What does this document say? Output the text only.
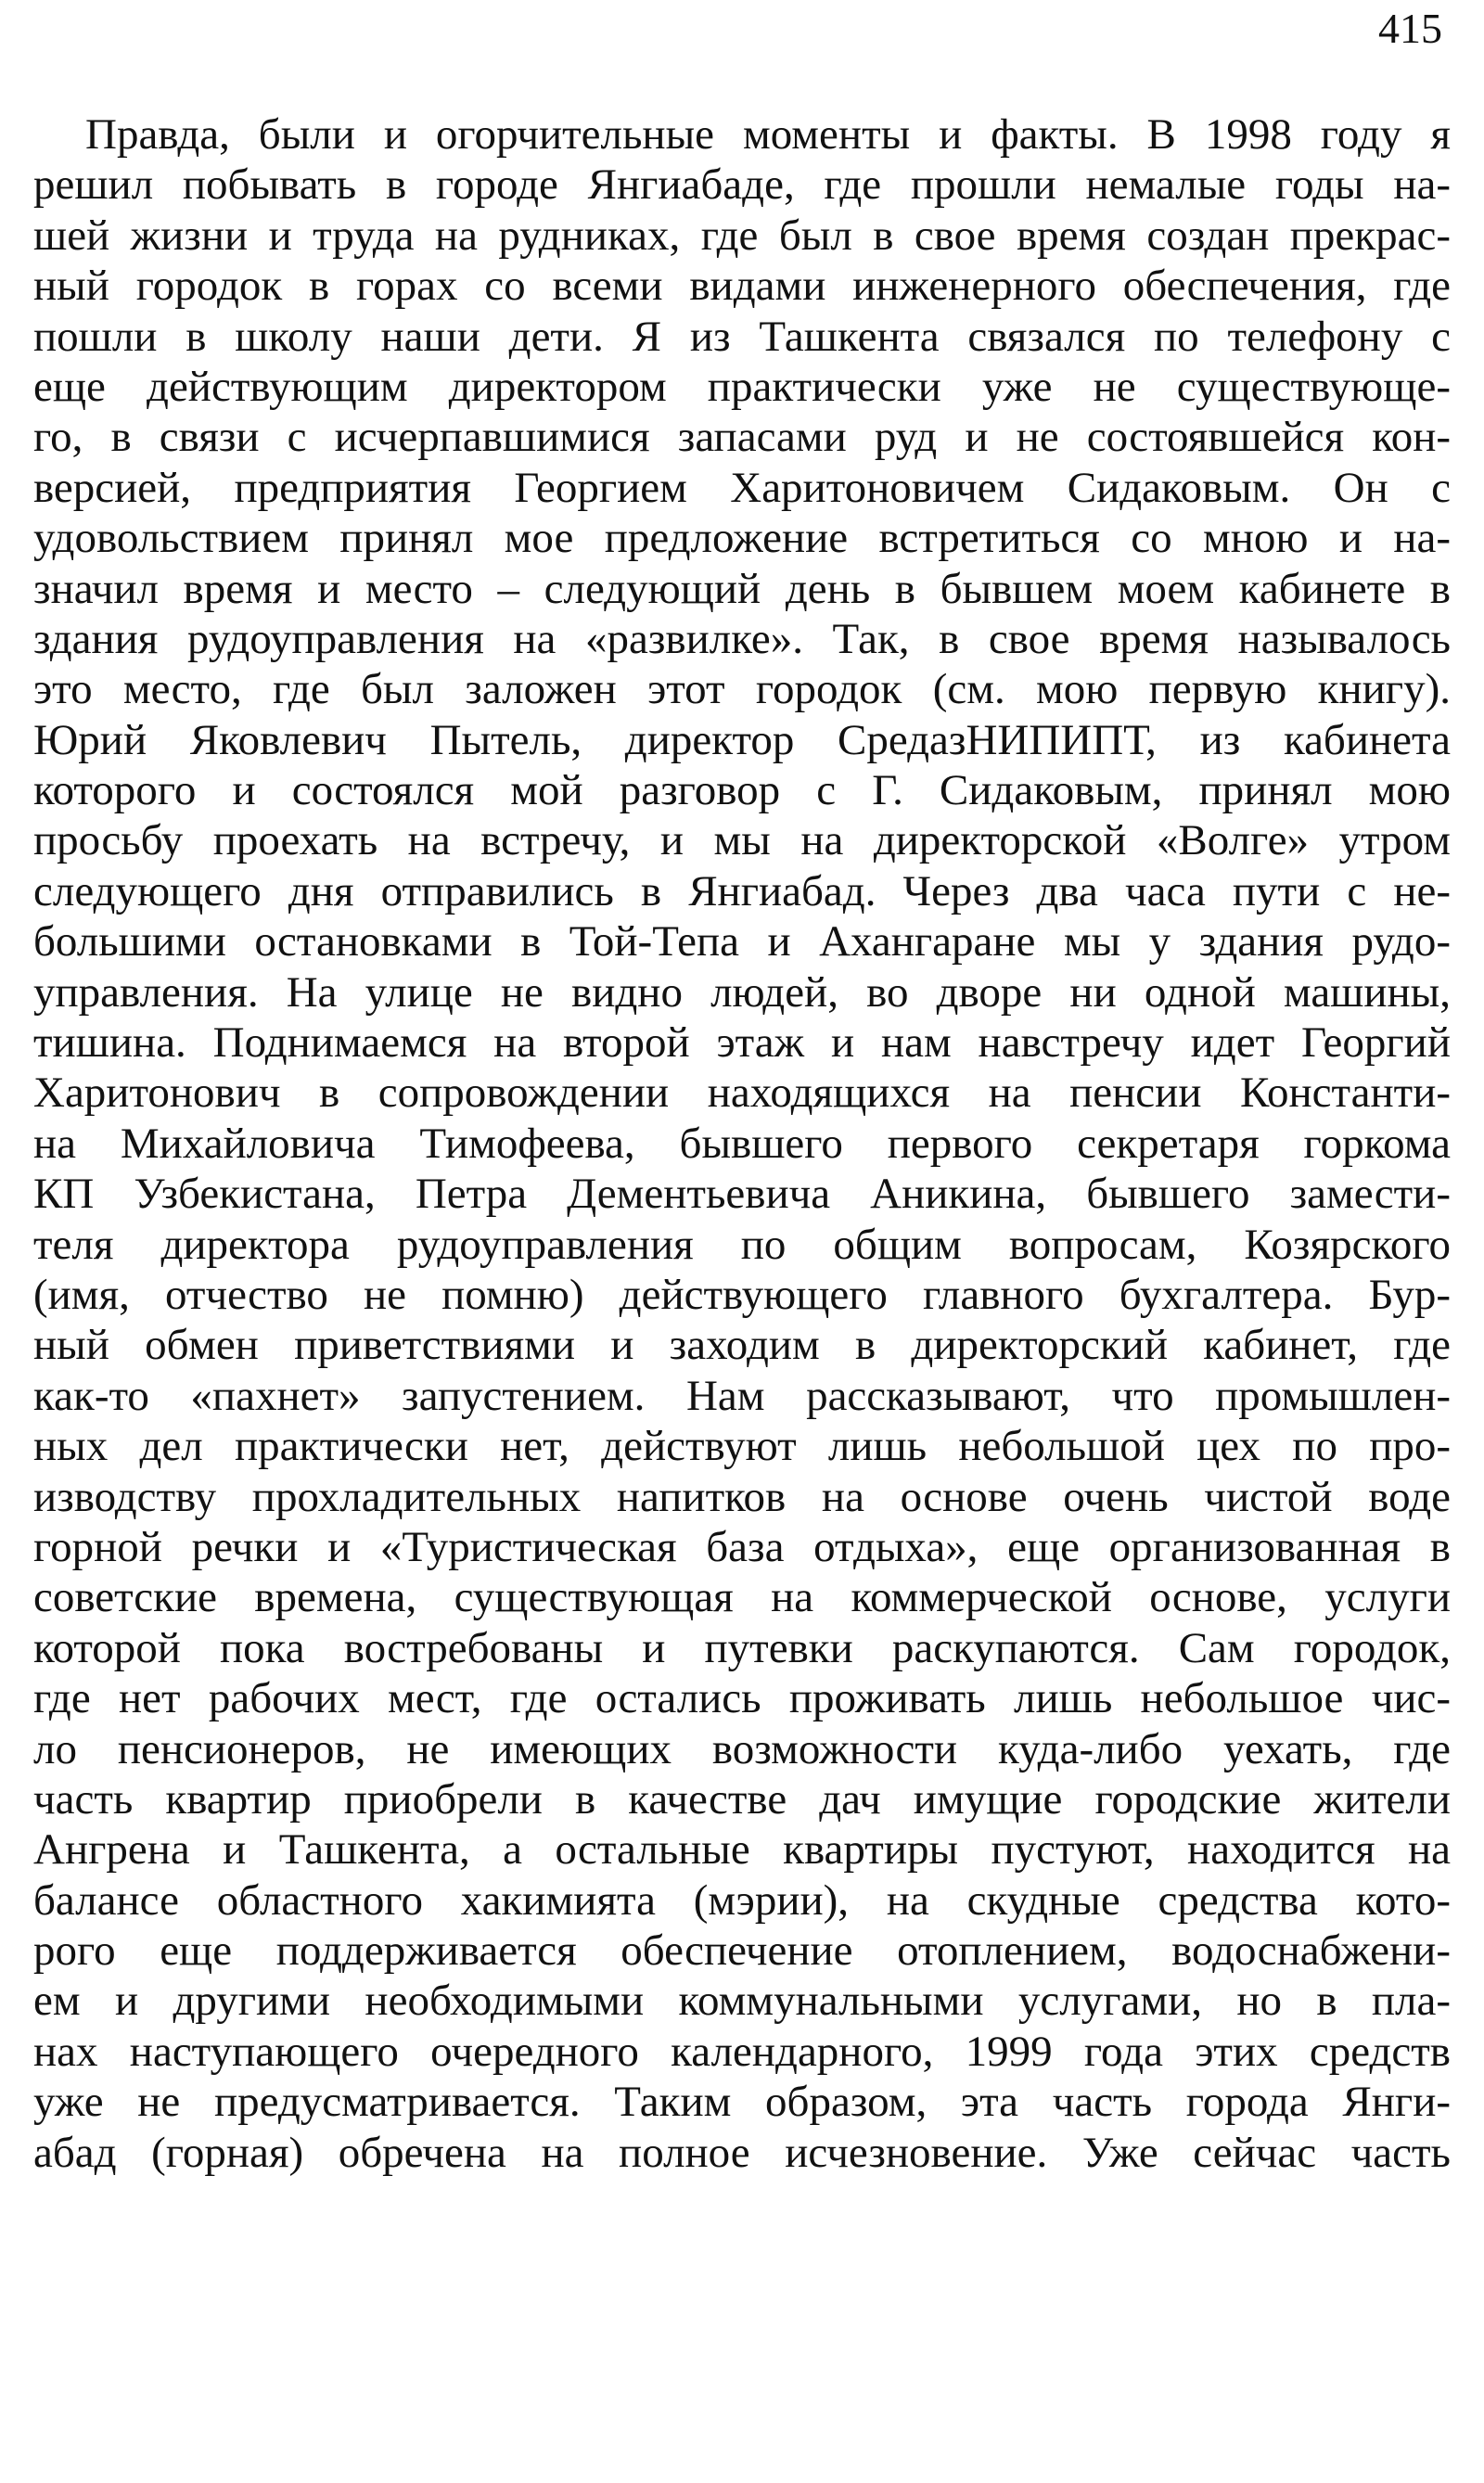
415
Правда, были и огорчительные моменты и факты. В 1998 году я
решил побывать в городе Янгиабаде, где прошли немалые годы на-
шей жизни и труда на рудниках, где был в свое время создан прекрас-
ный городок в горах со всеми видами инженерного обеспечения, где
пошли в школу наши дети. Я из Ташкента связался по телефону с
еще действующим директором практически уже не существующе-
го, в связи с исчерпавшимися запасами руд и не состоявшейся кон-
версией, предприятия Георгием Харитоновичем Сидаковым. Он с
удовольствием принял мое предложение встретиться со мною и на-
значил время и место – следующий день в бывшем моем кабинете в
здания рудоуправления на «развилке». Так, в свое время называлось
это место, где был заложен этот городок (см. мою первую книгу).
Юрий Яковлевич Пытель, директор СредазНИПИПТ, из кабинета
которого и состоялся мой разговор с Г. Сидаковым, принял мою
просьбу проехать на встречу, и мы на директорской «Волге» утром
следующего дня отправились в Янгиабад. Через два часа пути с не-
большими остановками в Той-Тепа и Ахангаране мы у здания рудо-
управления. На улице не видно людей, во дворе ни одной машины,
тишина. Поднимаемся на второй этаж и нам навстречу идет Георгий
Харитонович в сопровождении находящихся на пенсии Константи-
на Михайловича Тимофеева, бывшего первого секретаря горкома
КП Узбекистана, Петра Дементьевича Аникина, бывшего замести-
теля директора рудоуправления по общим вопросам, Козярского
(имя, отчество не помню) действующего главного бухгалтера. Бур-
ный обмен приветствиями и заходим в директорский кабинет, где
как-то «пахнет» запустением. Нам рассказывают, что промышлен-
ных дел практически нет, действуют лишь небольшой цех по про-
изводству прохладительных напитков на основе очень чистой воде
горной речки и «Туристическая база отдыха», еще организованная в
советские времена, существующая на коммерческой основе, услуги
которой пока востребованы и путевки раскупаются. Сам городок,
где нет рабочих мест, где остались проживать лишь небольшое чис-
ло пенсионеров, не имеющих возможности куда-либо уехать, где
часть квартир приобрели в качестве дач имущие городские жители
Ангрена и Ташкента, а остальные квартиры пустуют, находится на
балансе областного хакимията (мэрии), на скудные средства кото-
рого еще поддерживается обеспечение отоплением, водоснабжени-
ем и другими необходимыми коммунальными услугами, но в пла-
нах наступающего очередного календарного, 1999 года этих средств
уже не предусматривается. Таким образом, эта часть города Янги-
абад (горная) обречена на полное исчезновение. Уже сейчас часть
